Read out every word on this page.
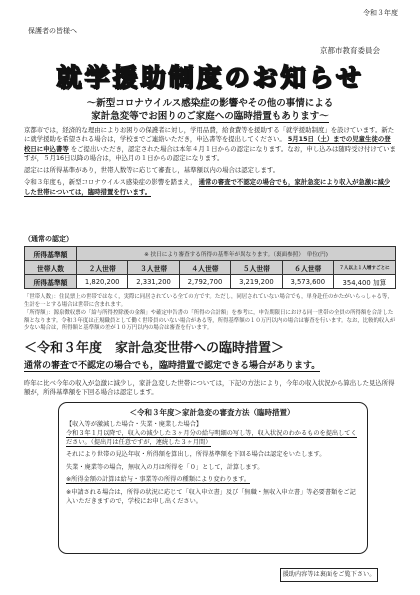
令和３年度
保護者の皆様へ
京都市教育委員会
就学援助制度のお知らせ
～新型コロナウイルス感染症の影響やその他の事情による
家計急変等でお困りのご家庭への臨時措置もあります～

京都市では，経済的な理由によりお困りの保護者に対し，学用品費，給食費等を援助する「就学援助制度」を設けています。新たに就学援助を希望される場合は，学校までご連絡いただき，申込書等を提出してください。 5月15日（土）までの児童生徒の登校日に申込書等 をご提出いただき，認定された場合は本年４月１日からの認定になります。なお，申し込みは随時受け付けていますが，５月16日以降の場合は，申込月の１日からの認定になります。

認定には所得基準があり，世帯人数等に応じて審査し，基準額以内の場合は認定します。

令和３年度も，新型コロナウイルス感染症の影響を踏まえ， 通常の審査で不認定の場合でも，家計急変により収入が急激に減少した世帯については，臨時措置を行います。

（通常の認定）
所得基準額	※ 扶日により審査する所得の基準年が異なります。（裏面参照）　単位(円)					
世帯人数	２人世帯	３人世帯	４人世帯	５人世帯	６人世帯	７人以上１人増すごとに
所得基準額	1,820,200	2,331,200	2,792,700	3,219,200	3,573,600	354,400 加算

「世帯人数」：住民票上の世帯ではなく，実際に同居されている全ての方です。ただし，同居されていない場合でも，単身赴任のかたがいらっしゃる等，生計を一とする場合は世帯に含まれます。

「所得額」：源泉徴収票の「給与所得控除後の金額」や確定申告書の「所得の合計額」を参考に，申告期限日における同一世帯の全員の所得額を合計した額となります。令和３年度は正規職員として働く世帯員のいない場合がある等，所得基準額の１０万円以内の場合は審査を行います。なお，比較的収入が少ない場合は，所得額と基準額の差が１０万円以内の場合は審査を行います。

＜令和３年度　家計急変世帯への臨時措置＞
通常の審査で不認定の場合でも，臨時措置で認定できる場合があります。

昨年に比べ今年の収入が急激に減少し，家計急変した世帯については，下記の方法により，今年の収入状況から算出した見込所得額が，所得基準額を下回る場合は認定します。

＜令和３年度＞家計急変の審査方法（臨時措置）

【収入等が激減した場合・失業・廃業した場合】
令和３年１月以降で，収入の減少した３ヶ月分の給与明細の写し等，収入状況のわかるものを提出してください。（提出月は任意ですが，連続した３ヶ月間）

それにより世帯の見込年収・所得額を算出し，所得基準額を下回る場合は認定をいたします。

失業・廃業等の場合，無収入の月は所得を「０」として，計算します。

※所得金額の計算は給与・事業等の所得の種類により変わります。

※申請される場合は，所得の状況に応じて「収入申立書」及び「無職・無収入申立書」等必要書類をご記入いただきますので，学校にお申し出ください。

援助内容等は裏面をご覧下さい。
